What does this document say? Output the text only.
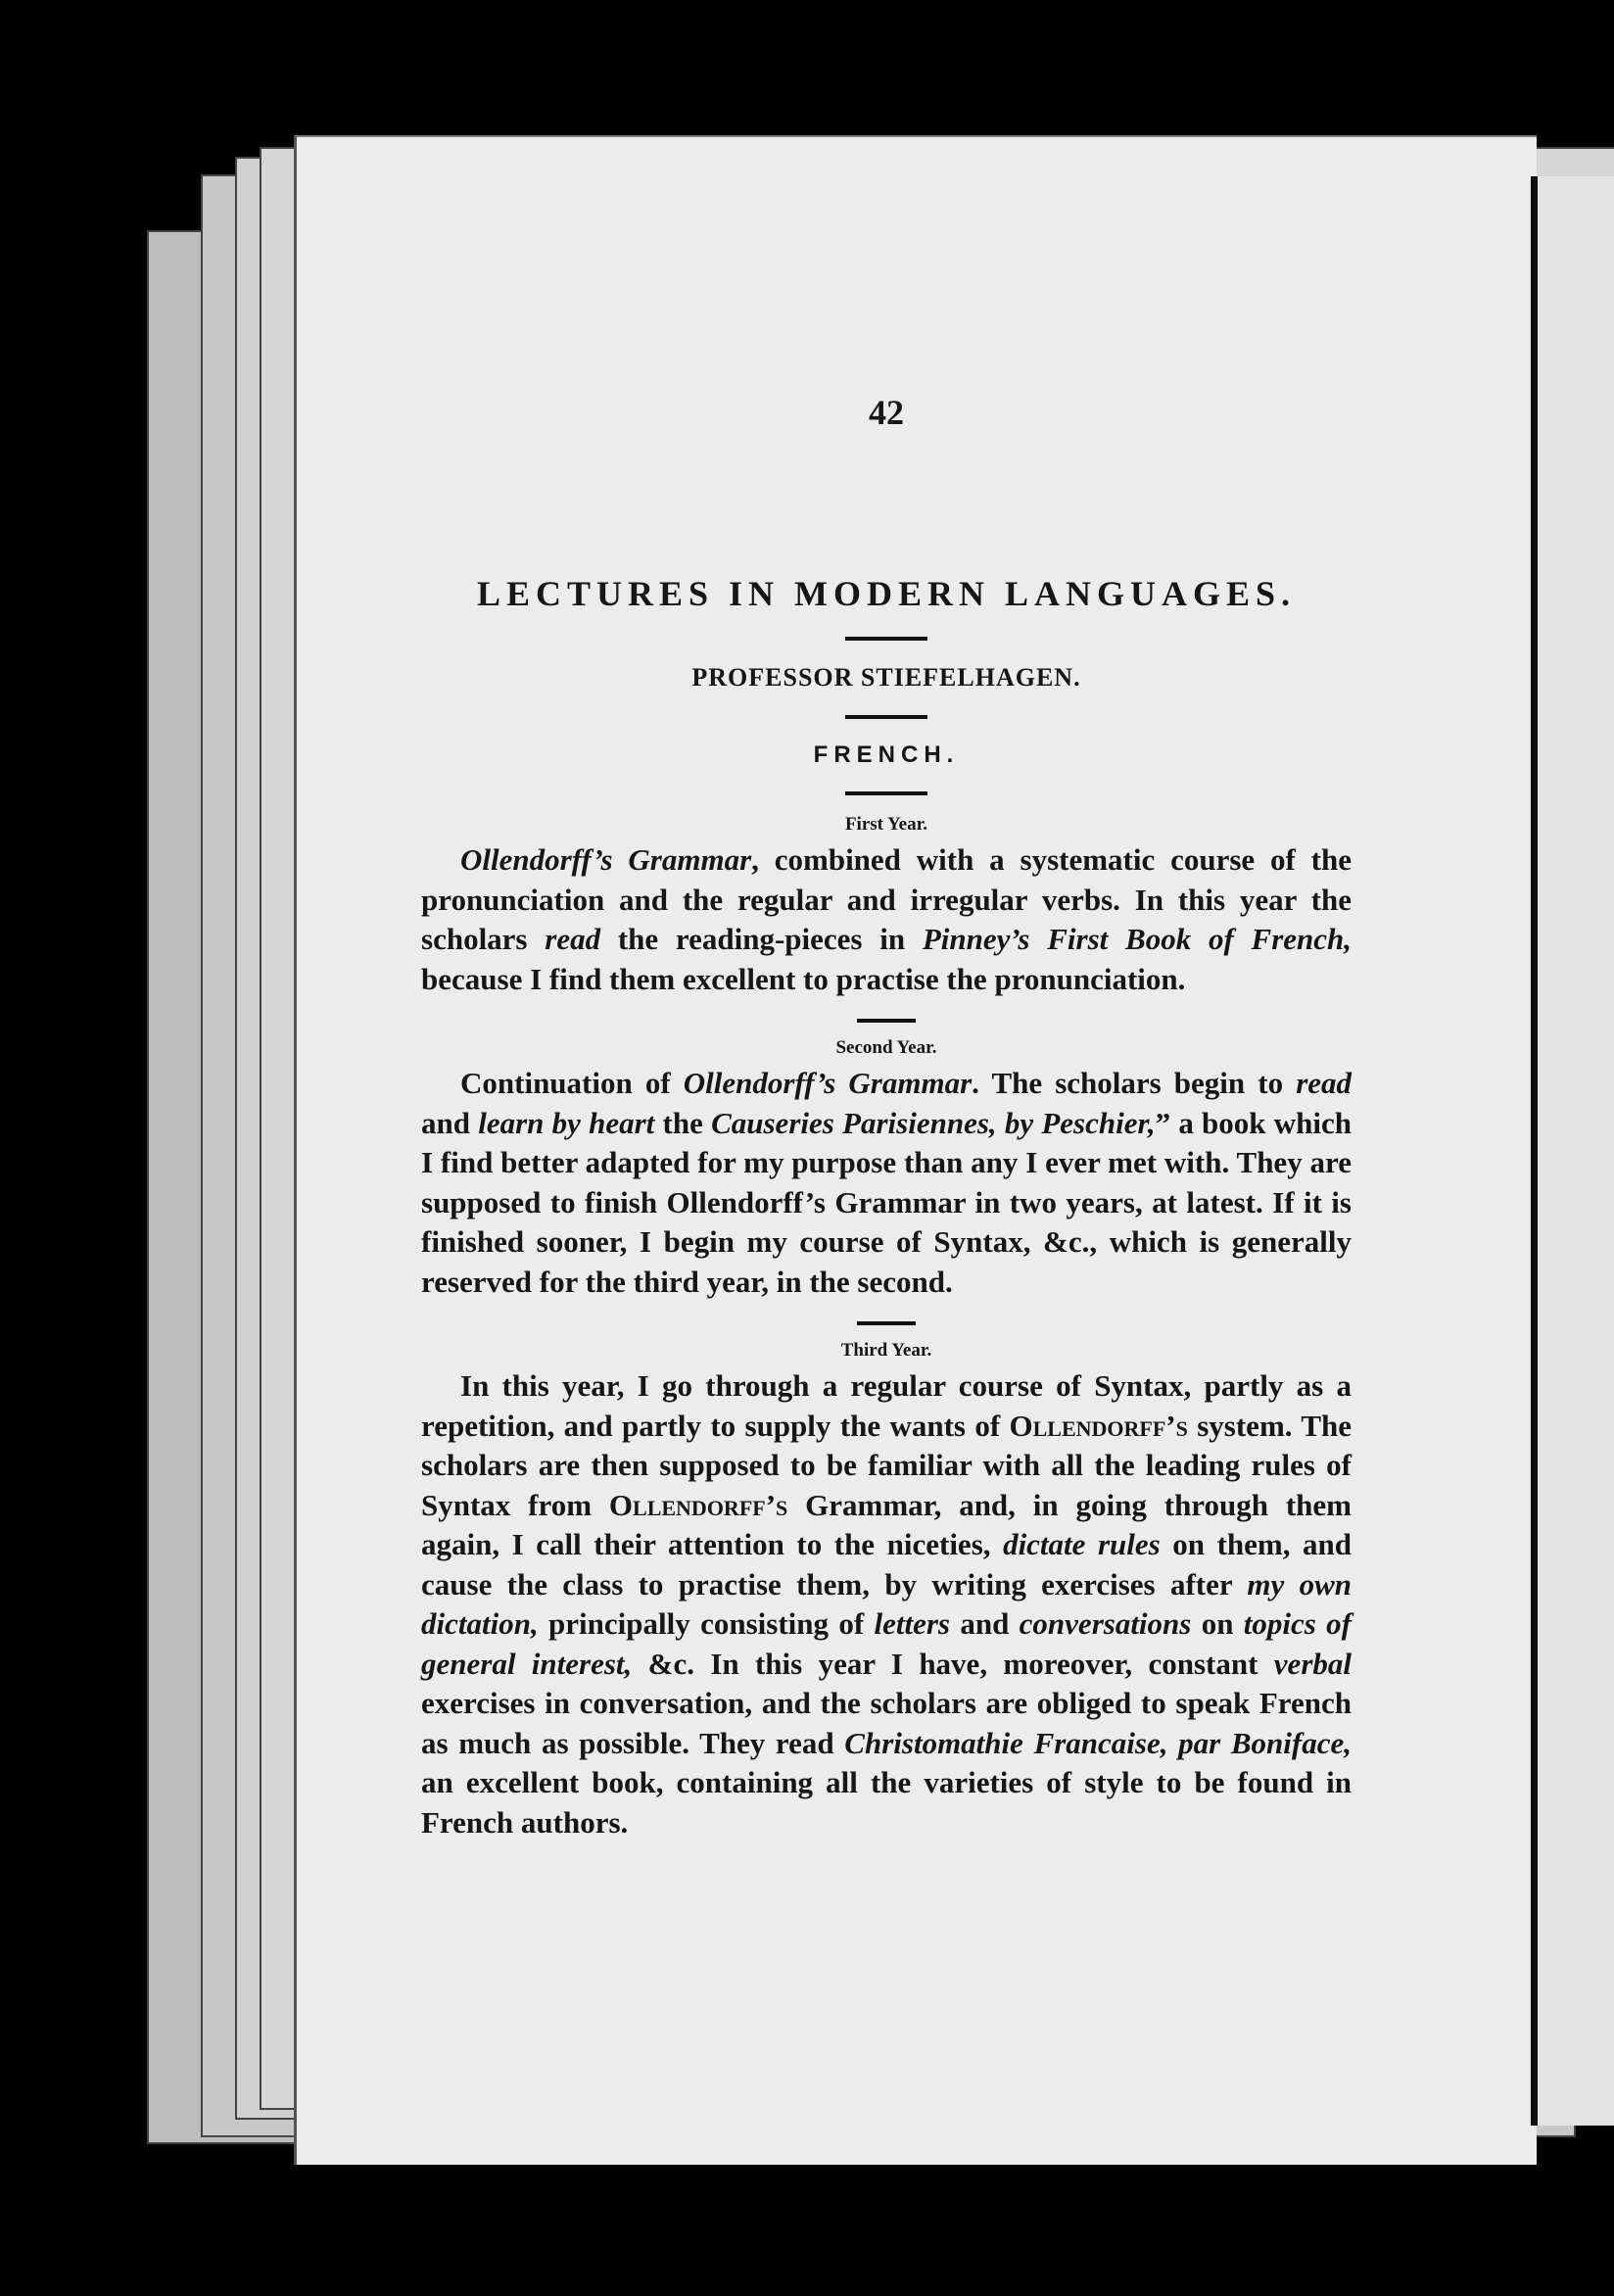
42
LECTURES IN MODERN LANGUAGES.
PROFESSOR STIEFELHAGEN.
FRENCH.
First Year.

Ollendorff’s Grammar, combined with a systematic course of the pronunciation and the regular and irregular verbs. In this year the scholars read the reading-pieces in Pinney’s First Book of French, because I find them excellent to practise the pronunciation.

Second Year.

Continuation of Ollendorff’s Grammar. The scholars begin to read and learn by heart the Causeries Parisiennes, by Peschier,” a book which I find better adapted for my purpose than any I ever met with. They are supposed to finish Ollendorff’s Grammar in two years, at latest. If it is finished sooner, I begin my course of Syntax, &c., which is generally reserved for the third year, in the second.

Third Year.

In this year, I go through a regular course of Syntax, partly as a repetition, and partly to supply the wants of Ollendorff’s system. The scholars are then supposed to be familiar with all the leading rules of Syntax from Ollendorff’s Grammar, and, in going through them again, I call their attention to the niceties, dictate rules on them, and cause the class to practise them, by writing exercises after my own dictation, principally consisting of letters and conversations on topics of general interest, &c. In this year I have, moreover, constant verbal exercises in conversation, and the scholars are obliged to speak French as much as possible. They read Christomathie Francaise, par Boniface, an excellent book, containing all the varieties of style to be found in French authors.
